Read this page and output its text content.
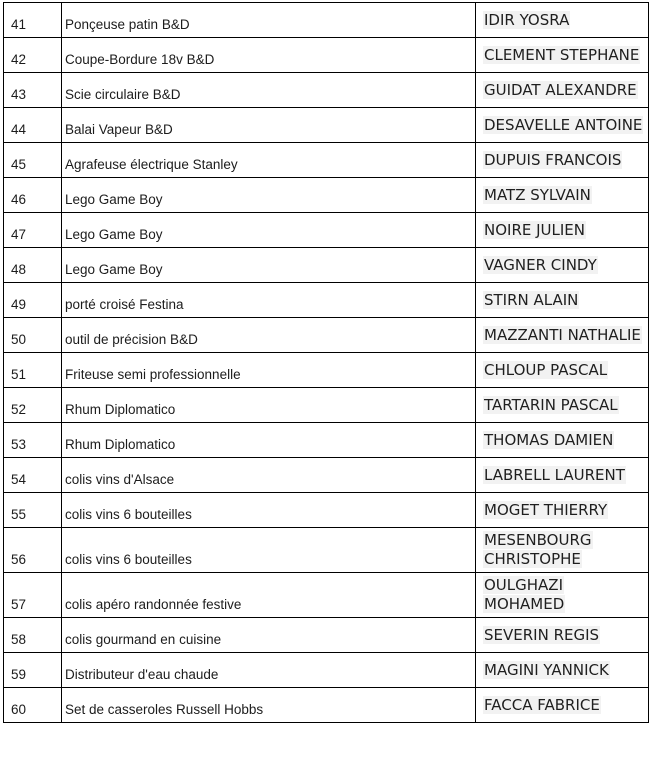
41	Ponçeuse patin B&D	IDIR YOSRA
42	Coupe-Bordure 18v B&D	CLEMENT STEPHANE
43	Scie circulaire B&D	GUIDAT ALEXANDRE
44	Balai Vapeur B&D	DESAVELLE ANTOINE
45	Agrafeuse électrique Stanley	DUPUIS FRANCOIS
46	Lego Game Boy	MATZ SYLVAIN
47	Lego Game Boy	NOIRE JULIEN
48	Lego Game Boy	VAGNER CINDY
49	porté croisé Festina	STIRN ALAIN
50	outil de précision B&D	MAZZANTI NATHALIE
51	Friteuse semi professionnelle	CHLOUP PASCAL
52	Rhum Diplomatico	TARTARIN PASCAL
53	Rhum Diplomatico	THOMAS DAMIEN
54	colis vins d'Alsace	LABRELL LAURENT
55	colis vins 6 bouteilles	MOGET THIERRY
56	colis vins 6 bouteilles	MESENBOURG CHRISTOPHE
57	colis apéro randonnée festive	OULGHAZI MOHAMED
58	colis gourmand en cuisine	SEVERIN REGIS
59	Distributeur d'eau chaude	MAGINI YANNICK
60	Set de casseroles Russell Hobbs	FACCA FABRICE
